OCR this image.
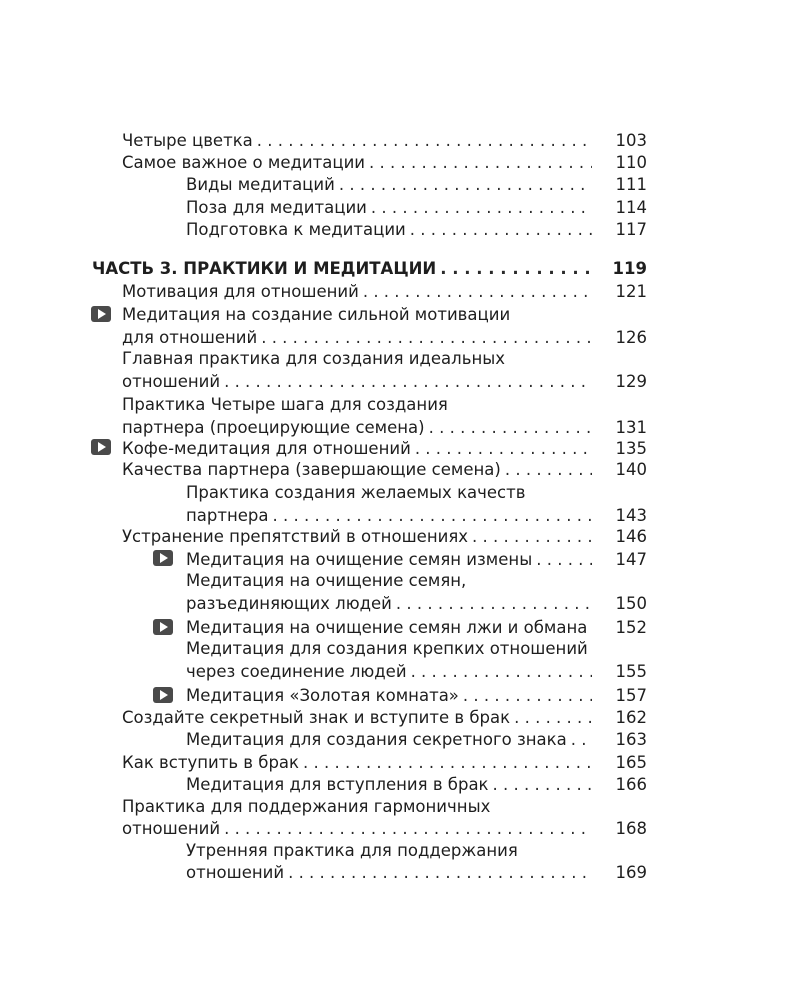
Четыре цветка . . .	103
Самое важное о медитации . . .	110
Виды медитаций . . .	111
Поза для медитации . . .	114
Подготовка к медитации . . .	117
ЧАСТЬ 3. ПРАКТИКИ И МЕДИТАЦИИ . . .	119
Мотивация для отношений . . .	121
Медитация на создание сильной мотивации
для отношений . . .	126
Главная практика для создания идеальных
отношений . . .	129
Практика Четыре шага для создания
партнера (проецирующие семена) . . .	131
Кофе-медитация для отношений . . .	135
Качества партнера (завершающие семена) . . .	140
Практика создания желаемых качеств
партнера . . .	143
Устранение препятствий в отношениях . . .	146
Медитация на очищение семян измены . . .	147
Медитация на очищение семян,
разъединяющих людей . . .	150
Медитация на очищение семян лжи и обмана . . .	152
Медитация для создания крепких отношений
через соединение людей . . .	155
Медитация «Золотая комната» . . .	157
Создайте секретный знак и вступите в брак . . .	162
Медитация для создания секретного знака . . .	163
Как вступить в брак . . .	165
Медитация для вступления в брак . . .	166
Практика для поддержания гармоничных
отношений . . .	168
Утренняя практика для поддержания
отношений . . .	169
